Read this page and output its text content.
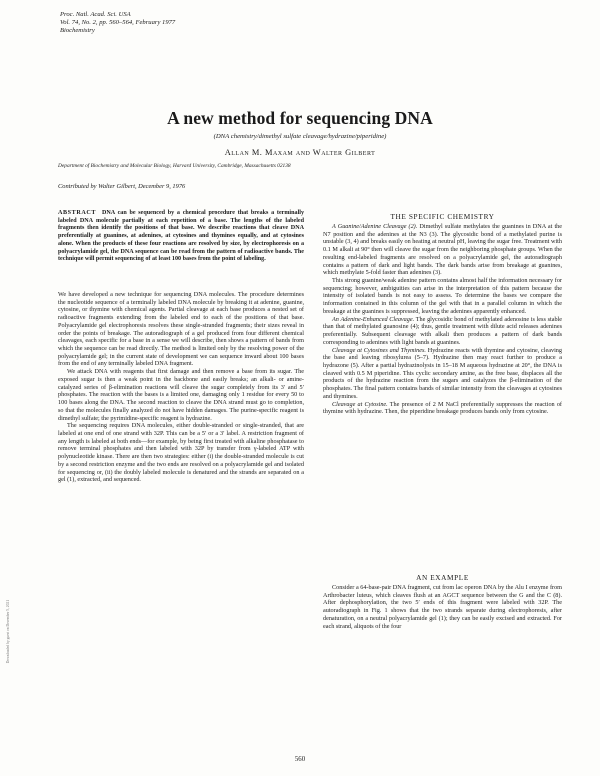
Proc. Natl. Acad. Sci. USA
Vol. 74, No. 2, pp. 560–564, February 1977
Biochemistry
A new method for sequencing DNA
(DNA chemistry/dimethyl sulfate cleavage/hydrazine/piperidine)
Allan M. Maxam and Walter Gilbert
Department of Biochemistry and Molecular Biology, Harvard University, Cambridge, Massachusetts 02138
Contributed by Walter Gilbert, December 9, 1976
ABSTRACT DNA can be sequenced by a chemical procedure that breaks a terminally labeled DNA molecule partially at each repetition of a base. The lengths of the labeled fragments then identify the positions of that base. We describe reactions that cleave DNA preferentially at guanines, at adenines, at cytosines and thymines equally, and at cytosines alone. When the products of these four reactions are resolved by size, by electrophoresis on a polyacrylamide gel, the DNA sequence can be read from the pattern of radioactive bands. The technique will permit sequencing of at least 100 bases from the point of labeling.

We have developed a new technique for sequencing DNA molecules. The procedure determines the nucleotide sequence of a terminally labeled DNA molecule by breaking it at adenine, guanine, cytosine, or thymine with chemical agents. Partial cleavage at each base produces a nested set of radioactive fragments extending from the labeled end to each of the positions of that base. Polyacrylamide gel electrophoresis resolves these single-stranded fragments; their sizes reveal in order the points of breakage. The autoradiograph of a gel produced from four different chemical cleavages, each specific for a base in a sense we will describe, then shows a pattern of bands from which the sequence can be read directly. The method is limited only by the resolving power of the polyacrylamide gel; in the current state of development we can sequence inward about 100 bases from the end of any terminally labeled DNA fragment.

We attack DNA with reagents that first damage and then remove a base from its sugar. The exposed sugar is then a weak point in the backbone and easily breaks; an alkali- or amine-catalyzed series of β-elimination reactions will cleave the sugar completely from its 3′ and 5′ phosphates. The reaction with the bases is a limited one, damaging only 1 residue for every 50 to 100 bases along the DNA. The second reaction to cleave the DNA strand must go to completion, so that the molecules finally analyzed do not have hidden damages. The purine-specific reagent is dimethyl sulfate; the pyrimidine-specific reagent is hydrazine.

The sequencing requires DNA molecules, either double-stranded or single-stranded, that are labeled at one end of one strand with 32P. This can be a 5′ or a 3′ label. A restriction fragment of any length is labeled at both ends—for example, by being first treated with alkaline phosphatase to remove terminal phosphates and then labeled with 32P by transfer from γ-labeled ATP with polynucleotide kinase. There are then two strategies: either (i) the double-stranded molecule is cut by a second restriction enzyme and the two ends are resolved on a polyacrylamide gel and isolated for sequencing or, (ii) the doubly labeled molecule is denatured and the strands are separated on a gel (1), extracted, and sequenced.

THE SPECIFIC CHEMISTRY

A Guanine/Adenine Cleavage (2). Dimethyl sulfate methylates the guanines in DNA at the N7 position and the adenines at the N3 (3). The glycosidic bond of a methylated purine is unstable (3, 4) and breaks easily on heating at neutral pH, leaving the sugar free. Treatment with 0.1 M alkali at 90° then will cleave the sugar from the neighboring phosphate groups. When the resulting end-labeled fragments are resolved on a polyacrylamide gel, the autoradiograph contains a pattern of dark and light bands. The dark bands arise from breakage at guanines, which methylate 5-fold faster than adenines (3).

This strong guanine/weak adenine pattern contains almost half the information necessary for sequencing; however, ambiguities can arise in the interpretation of this pattern because the intensity of isolated bands is not easy to assess. To determine the bases we compare the information contained in this column of the gel with that in a parallel column in which the breakage at the guanines is suppressed, leaving the adenines apparently enhanced.

An Adenine-Enhanced Cleavage. The glycosidic bond of methylated adenosine is less stable than that of methylated guanosine (4); thus, gentle treatment with dilute acid releases adenines preferentially. Subsequent cleavage with alkali then produces a pattern of dark bands corresponding to adenines with light bands at guanines.

Cleavage at Cytosines and Thymines. Hydrazine reacts with thymine and cytosine, cleaving the base and leaving ribosylurea (5–7). Hydrazine then may react further to produce a hydrazone (5). After a partial hydrazinolysis in 15–18 M aqueous hydrazine at 20°, the DNA is cleaved with 0.5 M piperidine. This cyclic secondary amine, as the free base, displaces all the products of the hydrazine reaction from the sugars and catalyzes the β-elimination of the phosphates. The final pattern contains bands of similar intensity from the cleavages at cytosines and thymines.

Cleavage at Cytosine. The presence of 2 M NaCl preferentially suppresses the reaction of thymine with hydrazine. Then, the piperidine breakage produces bands only from cytosine.

AN EXAMPLE

Consider a 64-base-pair DNA fragment, cut from lac operon DNA by the Alu I enzyme from Arthrobacter luteus, which cleaves flush at an AGCT sequence between the G and the C (8). After dephosphorylation, the two 5′ ends of this fragment were labeled with 32P. The autoradiograph in Fig. 1 shows that the two strands separate during electrophoresis, after denaturation, on a neutral polyacrylamide gel (1); they can be easily excised and extracted. For each strand, aliquots of the four

560
Downloaded by guest on December 5, 2021
